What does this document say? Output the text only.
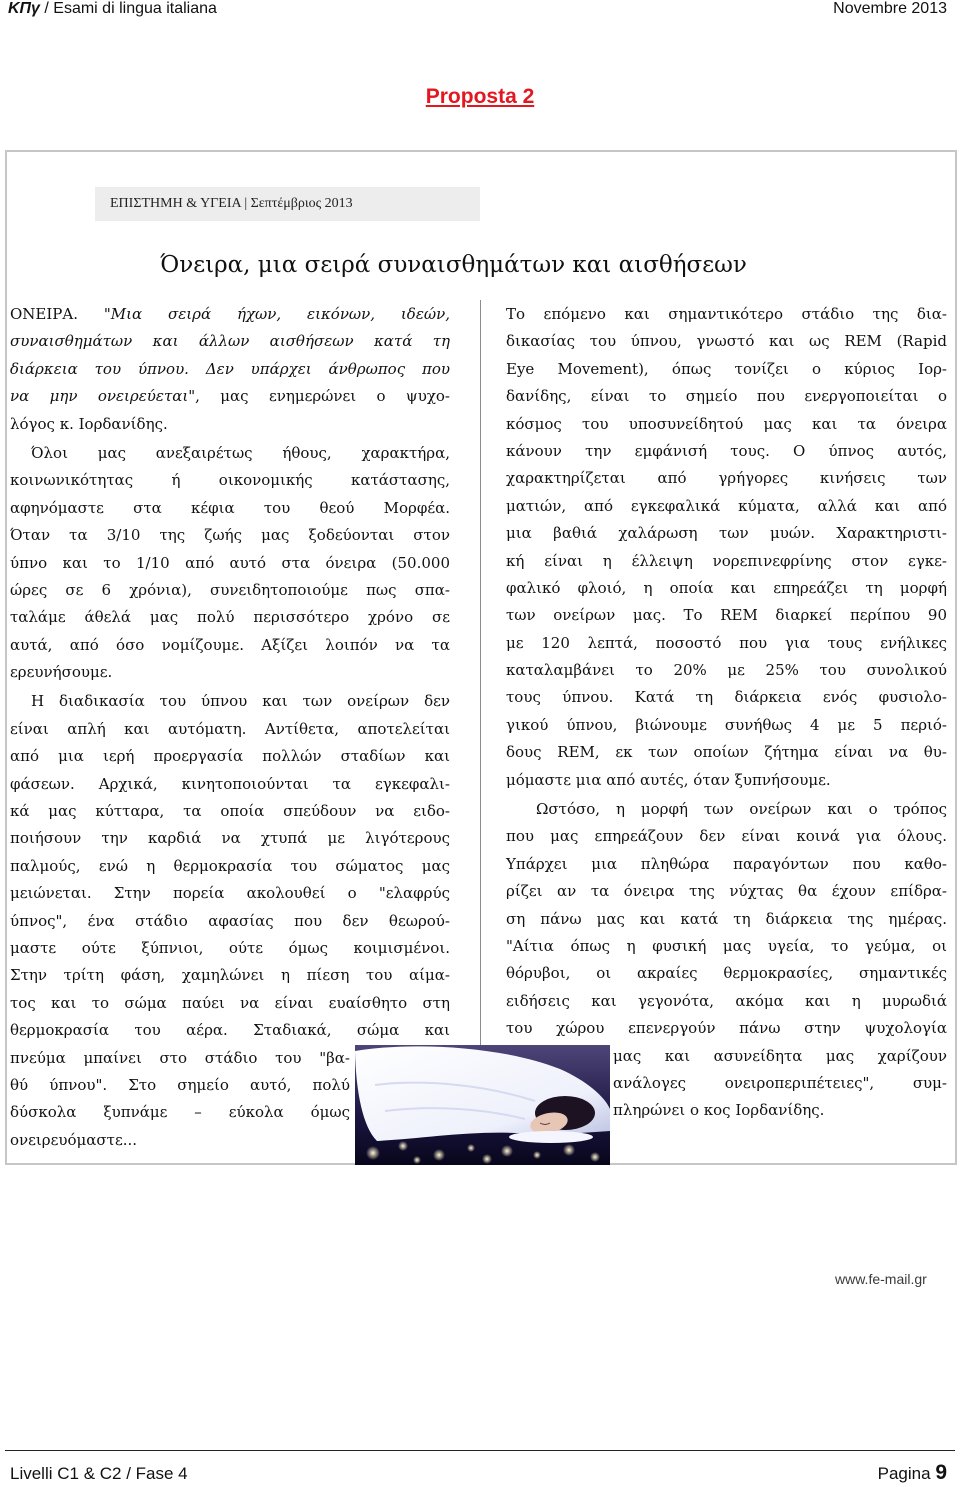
ΚΠγ / Esami di lingua italiana	Novembre 2013
Proposta 2
ΕΠΙΣΤΗΜΗ & ΥΓΕΙΑ | Σεπτέμβριος 2013
Όνειρα, μια σειρά συναισθημάτων και αισθήσεων
ΟΝΕΙΡΑ. "Μια σειρά ήχων, εικόνων, ιδεών,
συναισθημάτων και άλλων αισθήσεων κατά τη
διάρκεια του ύπνου. Δεν υπάρχει άνθρωπος που
να μην ονειρεύεται", μας ενημερώνει ο ψυχο-
λόγος κ. Ιορδανίδης.
Όλοι μας ανεξαιρέτως ήθους, χαρακτήρα,
κοινωνικότητας ή οικονομικής κατάστασης,
αφηνόμαστε στα κέφια του θεού Μορφέα.
Όταν τα 3/10 της ζωής μας ξοδεύονται στον
ύπνο και το 1/10 από αυτό στα όνειρα (50.000
ώρες σε 6 χρόνια), συνειδητοποιούμε πως σπα-
ταλάμε άθελά μας πολύ περισσότερο χρόνο σε
αυτά, από όσο νομίζουμε. Αξίζει λοιπόν να τα
ερευνήσουμε.
Η διαδικασία του ύπνου και των ονείρων δεν
είναι απλή και αυτόματη. Αντίθετα, αποτελείται
από μια ιερή προεργασία πολλών σταδίων και
φάσεων. Αρχικά, κινητοποιούνται τα εγκεφαλι-
κά μας κύτταρα, τα οποία σπεύδουν να ειδο-
ποιήσουν την καρδιά να χτυπά με λιγότερους
παλμούς, ενώ η θερμοκρασία του σώματος μας
μειώνεται. Στην πορεία ακολουθεί ο "ελαφρύς
ύπνος", ένα στάδιο αφασίας που δεν θεωρού-
μαστε ούτε ξύπνιοι, ούτε όμως κοιμισμένοι.
Στην τρίτη φάση, χαμηλώνει η πίεση του αίμα-
τος και το σώμα παύει να είναι ευαίσθητο στη
θερμοκρασία του αέρα. Σταδιακά, σώμα και
πνεύμα μπαίνει στο στάδιο του "βα-
θύ ύπνου". Στο σημείο αυτό, πολύ
δύσκολα ξυπνάμε – εύκολα όμως
ονειρευόμαστε...
Το επόμενο και σημαντικότερο στάδιο της δια-
δικασίας του ύπνου, γνωστό και ως REM (Rapid
Eye Movement), όπως τονίζει ο κύριος Ιορ-
δανίδης, είναι το σημείο που ενεργοποιείται ο
κόσμος του υποσυνείδητού μας και τα όνειρα
κάνουν την εμφάνισή τους. Ο ύπνος αυτός,
χαρακτηρίζεται από γρήγορες κινήσεις των
ματιών, από εγκεφαλικά κύματα, αλλά και από
μια βαθιά χαλάρωση των μυών. Χαρακτηριστι-
κή είναι η έλλειψη νορεπινεφρίνης στον εγκε-
φαλικό φλοιό, η οποία και επηρεάζει τη μορφή
των ονείρων μας. Το REM διαρκεί περίπου 90
με 120 λεπτά, ποσοστό που για τους ενήλικες
καταλαμβάνει το 20% με 25% του συνολικού
τους ύπνου. Κατά τη διάρκεια ενός φυσιολο-
γικού ύπνου, βιώνουμε συνήθως 4 με 5 περιό-
δους REM, εκ των οποίων ζήτημα είναι να θυ-
μόμαστε μια από αυτές, όταν ξυπνήσουμε.
Ωστόσο, η μορφή των ονείρων και ο τρόπος
που μας επηρεάζουν δεν είναι κοινά για όλους.
Υπάρχει μια πληθώρα παραγόντων που καθο-
ρίζει αν τα όνειρα της νύχτας θα έχουν επίδρα-
ση πάνω μας και κατά τη διάρκεια της ημέρας.
"Αίτια όπως η φυσική μας υγεία, το γεύμα, οι
θόρυβοι, οι ακραίες θερμοκρασίες, σημαντικές
ειδήσεις και γεγονότα, ακόμα και η μυρωδιά
του χώρου επενεργούν πάνω στην ψυχολογία
μας και ασυνείδητα μας χαρίζουν
ανάλογες ονειροπεριπέτειες", συμ-
πληρώνει ο κος Ιορδανίδης.
www.fe-mail.gr
Livelli C1 & C2 / Fase 4	Pagina 9
